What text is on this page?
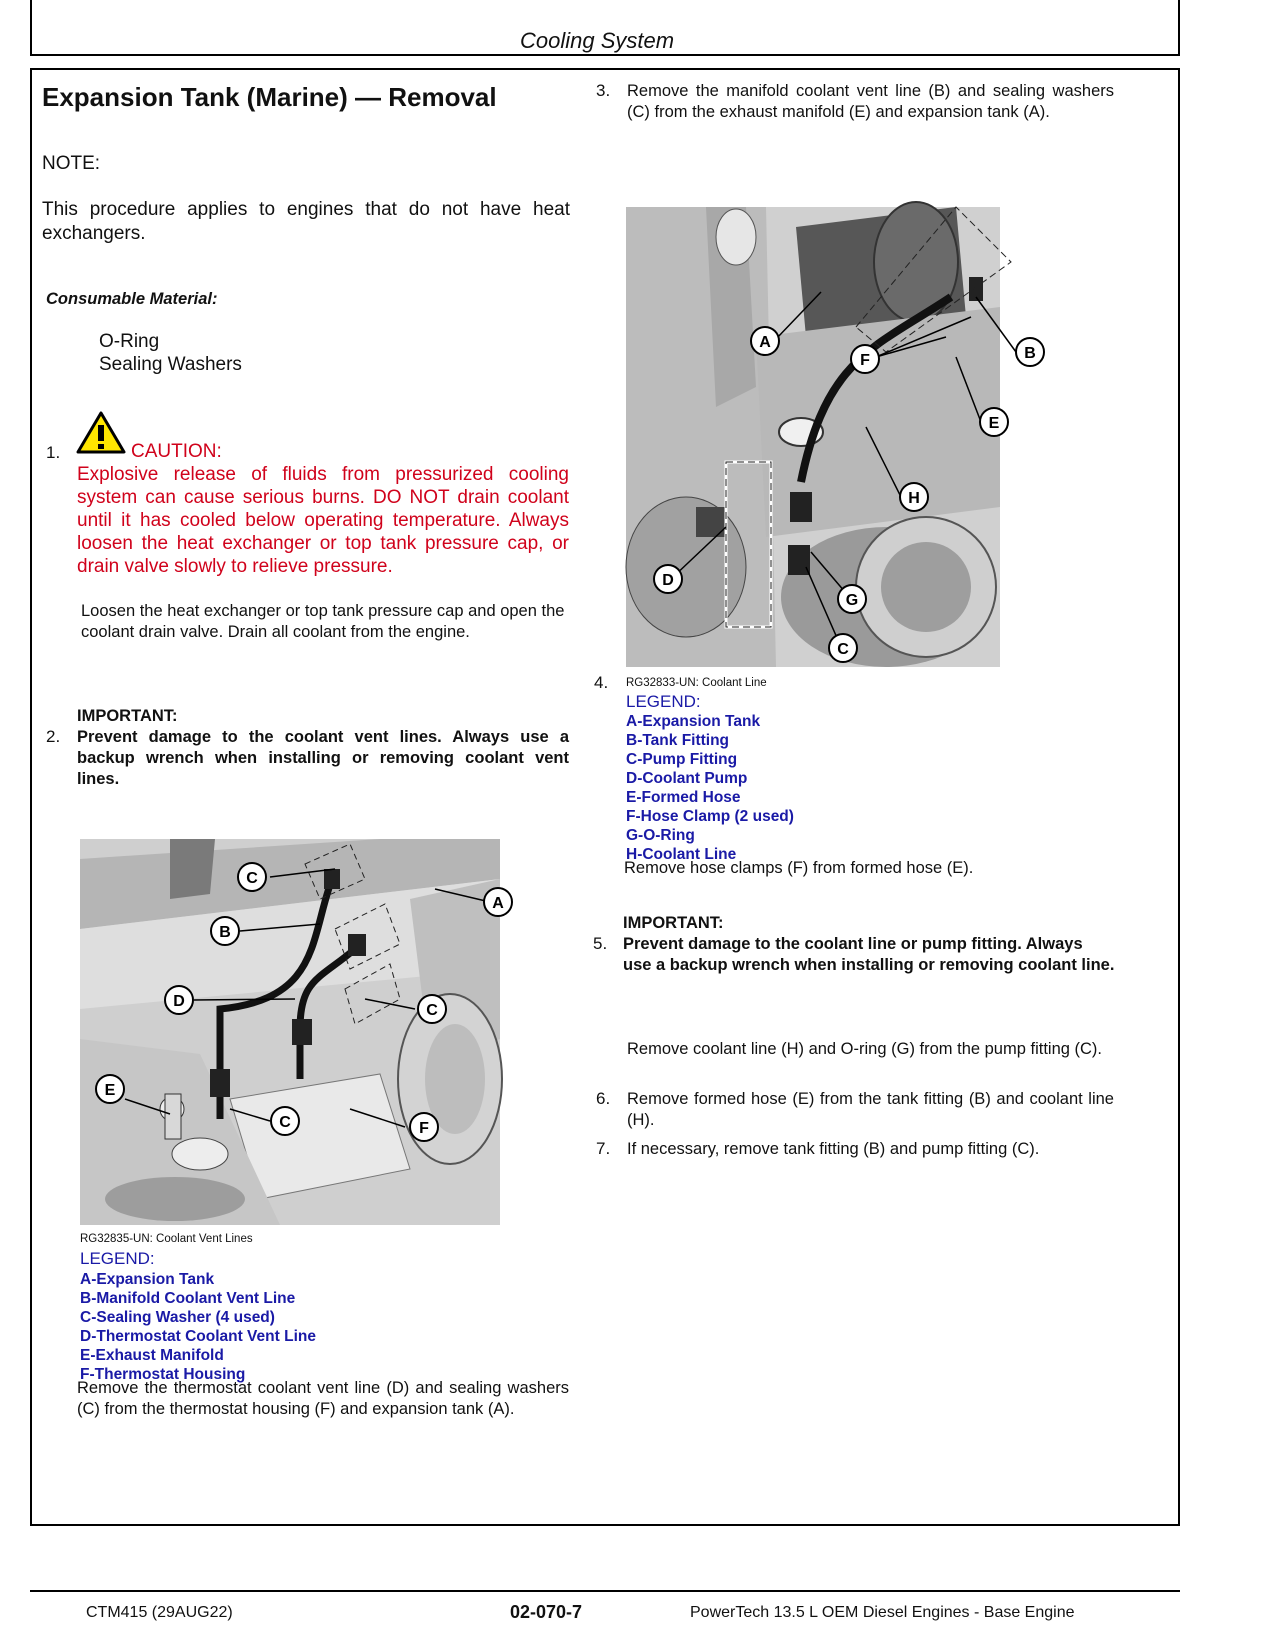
Cooling System
Expansion Tank (Marine) — Removal
NOTE:
This procedure applies to engines that do not have heat exchangers.
Consumable Material:
O-Ring
Sealing Washers
1.	CAUTION:
Explosive release of fluids from pressurized cooling system can cause serious burns. DO NOT drain coolant until it has cooled below operating temperature. Always loosen the heat exchanger or top tank pressure cap, or drain valve slowly to relieve pressure.
Loosen the heat exchanger or top tank pressure cap and open the coolant drain valve. Drain all coolant from the engine.
IMPORTANT:
2. Prevent damage to the coolant vent lines. Always use a backup wrench when installing or removing coolant vent lines.
C
B
A
D
C
C	F
E
RG32835-UN: Coolant Vent Lines
LEGEND:
A-Expansion Tank
B-Manifold Coolant Vent Line
C-Sealing Washer (4 used)
D-Thermostat Coolant Vent Line
E-Exhaust Manifold
F-Thermostat Housing
Remove the thermostat coolant vent line (D) and sealing washers (C) from the thermostat housing (F) and expansion tank (A).
3. Remove the manifold coolant vent line (B) and sealing washers (C) from the exhaust manifold (E) and expansion tank (A).
A
F	B
E
H
D
G
C
4. RG32833-UN: Coolant Line
LEGEND:
A-Expansion Tank
B-Tank Fitting
C-Pump Fitting
D-Coolant Pump
E-Formed Hose
F-Hose Clamp (2 used)
G-O-Ring
H-Coolant Line
Remove hose clamps (F) from formed hose (E).
IMPORTANT:
5. Prevent damage to the coolant line or pump fitting. Always use a backup wrench when installing or removing coolant line.
Remove coolant line (H) and O-ring (G) from the pump fitting (C).
6. Remove formed hose (E) from the tank fitting (B) and coolant line (H).
7. If necessary, remove tank fitting (B) and pump fitting (C).
CTM415 (29AUG22)	02-070-7	PowerTech 13.5 L OEM Diesel Engines - Base Engine
